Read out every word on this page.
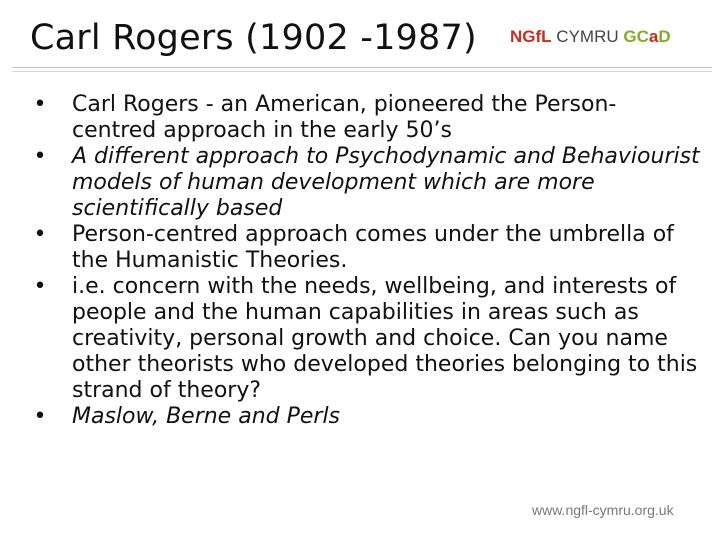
Carl Rogers (1902 -1987) NGfL CYMRU GCaD
• Carl Rogers - an American, pioneered the Person-centred approach in the early 50’s
• A different approach to Psychodynamic and Behaviourist models of human development which are more scientifically based
• Person-centred approach comes under the umbrella of the Humanistic Theories.
• i.e. concern with the needs, wellbeing, and interests of people and the human capabilities in areas such as creativity, personal growth and choice. Can you name other theorists who developed theories belonging to this strand of theory?
• Maslow, Berne and Perls
www.ngfl-cymru.org.uk
